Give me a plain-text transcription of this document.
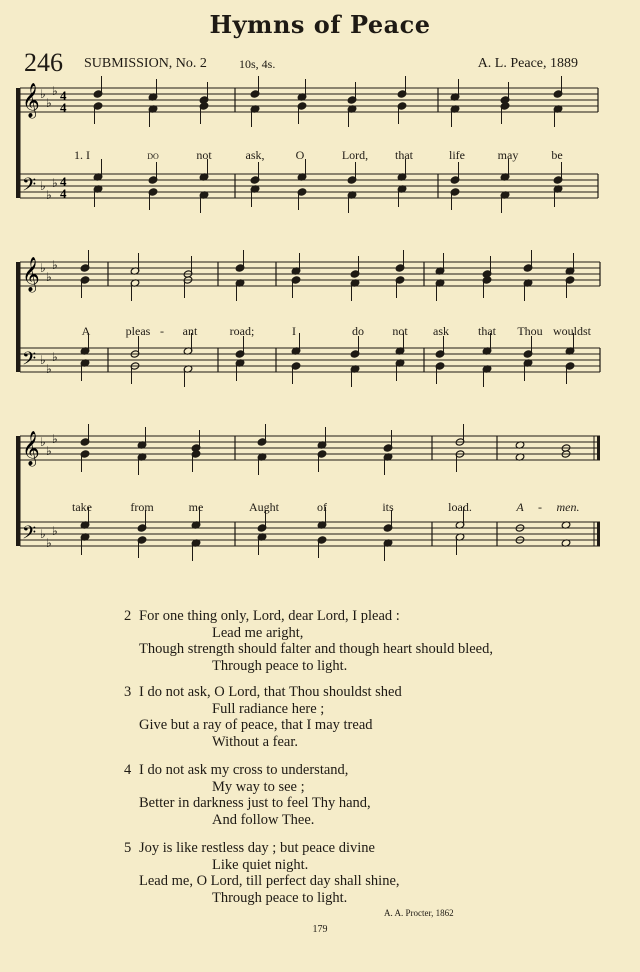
Hymns of Peace
246 SUBMISSION, No. 2	10s, 4s.	A. L. Peace, 1889
𝄞 ♭
♭
♭ 4
4
𝄢 ♭
♭
♭ 4
4
𝄞 ♭
♭
♭
𝄢 ♭
♭
♭
𝄞 ♭
♭
♭
𝄢 ♭
♭
♭
1. I	do	not	ask,	O	Lord, that	life	may	be
A	pleas - ant	road;	I	do not ask that Thou wouldst
take	from	me	Aught	of	its	load.	A - men.
2 For one thing only, Lord, dear Lord, I plead :
Lead me aright,
Though strength should falter and though heart should bleed,
Through peace to light.
3 I do not ask, O Lord, that Thou shouldst shed
Full radiance here ;
Give but a ray of peace, that I may tread
Without a fear.
4 I do not ask my cross to understand,
My way to see ;
Better in darkness just to feel Thy hand,
And follow Thee.
5 Joy is like restless day ; but peace divine
Like quiet night.
Lead me, O Lord, till perfect day shall shine,
Through peace to light.
A. A. Procter, 1862
179
